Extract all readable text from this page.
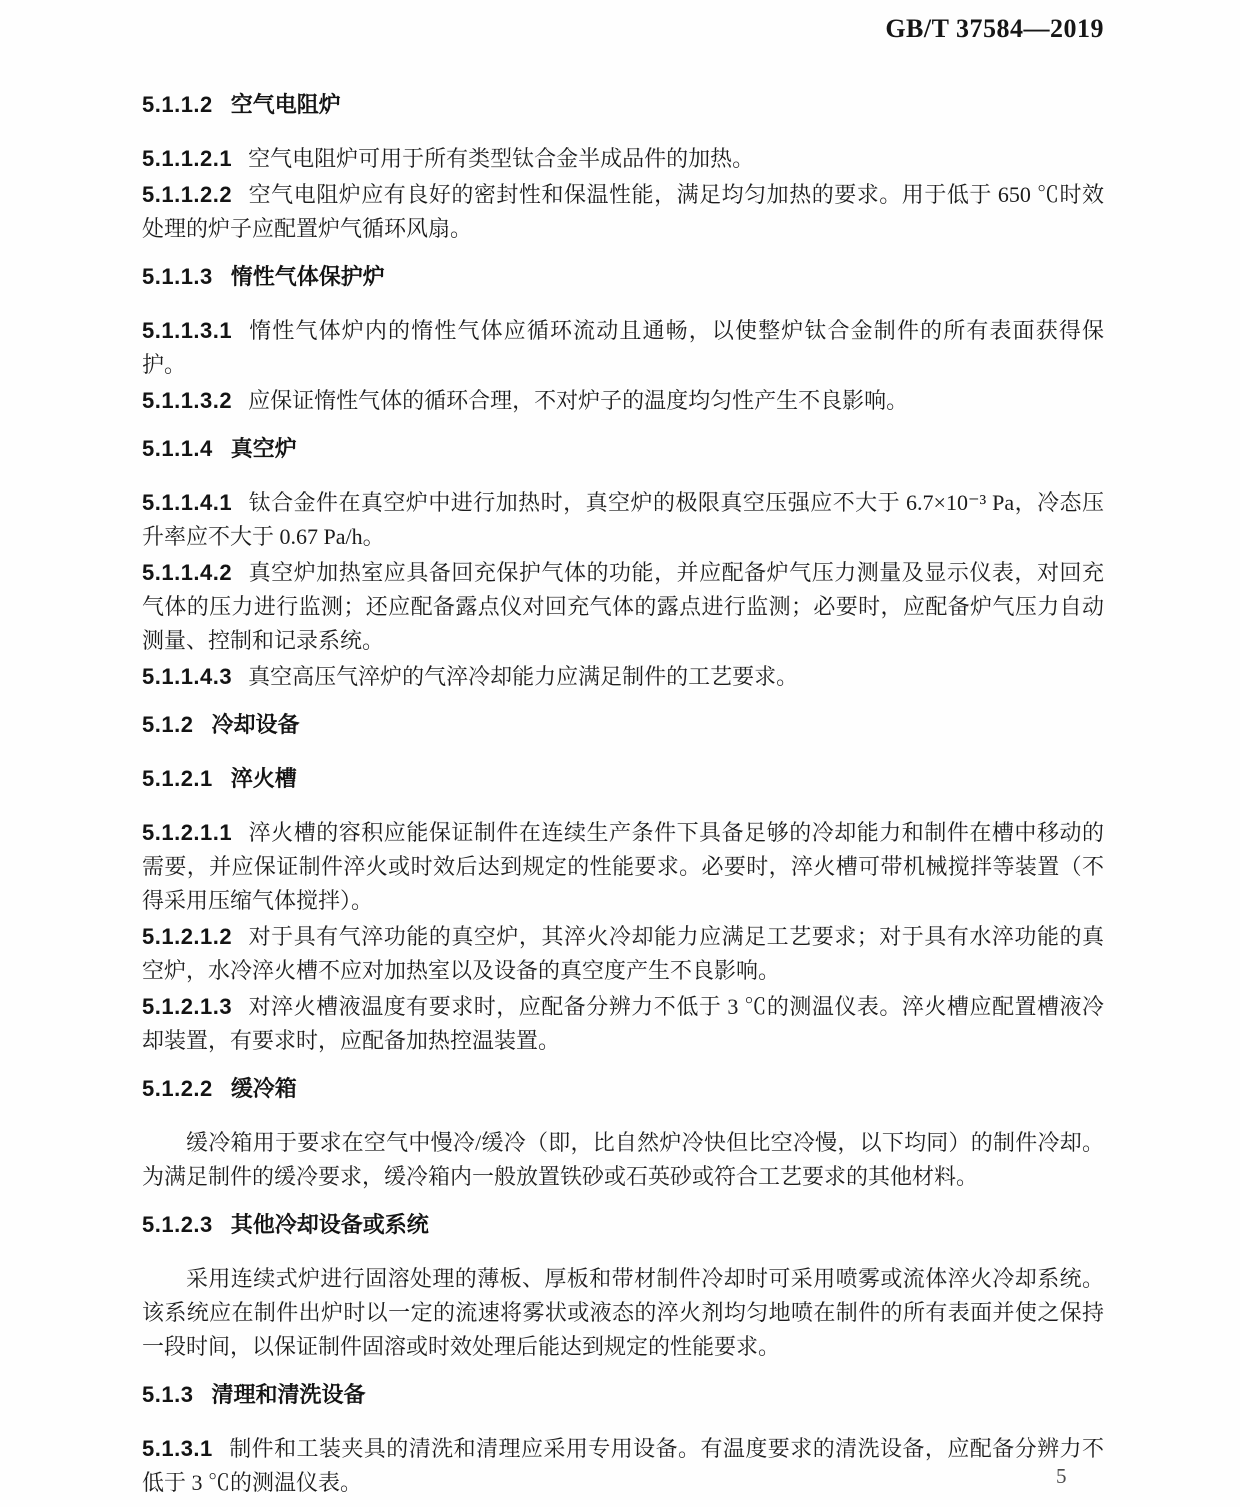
GB/T 37584—2019
5.1.1.2 空气电阻炉

5.1.1.2.1 空气电阻炉可用于所有类型钛合金半成品件的加热。

5.1.1.2.2 空气电阻炉应有良好的密封性和保温性能，满足均匀加热的要求。用于低于 650 ℃时效处理的炉子应配置炉气循环风扇。

5.1.1.3 惰性气体保护炉

5.1.1.3.1 惰性气体炉内的惰性气体应循环流动且通畅，以使整炉钛合金制件的所有表面获得保护。

5.1.1.3.2 应保证惰性气体的循环合理，不对炉子的温度均匀性产生不良影响。

5.1.1.4 真空炉

5.1.1.4.1 钛合金件在真空炉中进行加热时，真空炉的极限真空压强应不大于 6.7×10⁻³ Pa，冷态压升率应不大于 0.67 Pa/h。

5.1.1.4.2 真空炉加热室应具备回充保护气体的功能，并应配备炉气压力测量及显示仪表，对回充气体的压力进行监测；还应配备露点仪对回充气体的露点进行监测；必要时，应配备炉气压力自动测量、控制和记录系统。

5.1.1.4.3 真空高压气淬炉的气淬冷却能力应满足制件的工艺要求。

5.1.2 冷却设备
5.1.2.1 淬火槽

5.1.2.1.1 淬火槽的容积应能保证制件在连续生产条件下具备足够的冷却能力和制件在槽中移动的需要，并应保证制件淬火或时效后达到规定的性能要求。必要时，淬火槽可带机械搅拌等装置（不得采用压缩气体搅拌）。

5.1.2.1.2 对于具有气淬功能的真空炉，其淬火冷却能力应满足工艺要求；对于具有水淬功能的真空炉，水冷淬火槽不应对加热室以及设备的真空度产生不良影响。

5.1.2.1.3 对淬火槽液温度有要求时，应配备分辨力不低于 3 ℃的测温仪表。淬火槽应配置槽液冷却装置，有要求时，应配备加热控温装置。

5.1.2.2 缓冷箱

缓冷箱用于要求在空气中慢冷/缓冷（即，比自然炉冷快但比空冷慢，以下均同）的制件冷却。为满足制件的缓冷要求，缓冷箱内一般放置铁砂或石英砂或符合工艺要求的其他材料。

5.1.2.3 其他冷却设备或系统

采用连续式炉进行固溶处理的薄板、厚板和带材制件冷却时可采用喷雾或流体淬火冷却系统。该系统应在制件出炉时以一定的流速将雾状或液态的淬火剂均匀地喷在制件的所有表面并使之保持一段时间，以保证制件固溶或时效处理后能达到规定的性能要求。

5.1.3 清理和清洗设备

5.1.3.1 制件和工装夹具的清洗和清理应采用专用设备。有温度要求的清洗设备，应配备分辨力不低于 3 ℃的测温仪表。	5
